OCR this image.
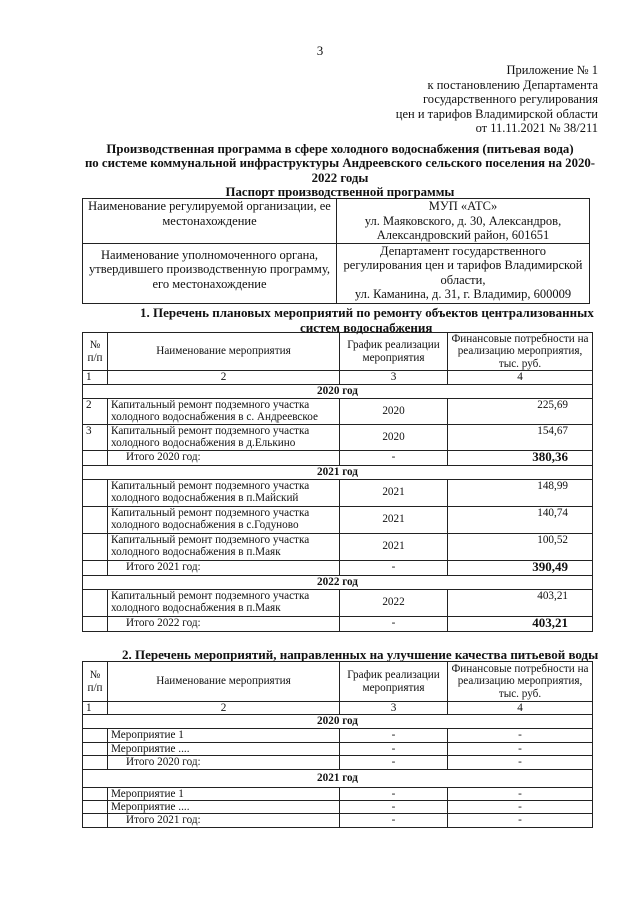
3
Приложение № 1
к постановлению Департамента
государственного регулирования
цен и тарифов Владимирской области
от 11.11.2021 № 38/211
Производственная программа в сфере холодного водоснабжения (питьевая вода)
по системе коммунальной инфраструктуры Андреевского сельского поселения на 2020-
2022 годы
Паспорт производственной программы
Наименование регулируемой организации, ее местонахождение	МУП «АТС»
ул. Маяковского, д. 30, Александров,
Александровский район, 601651

Наименование уполномоченного органа, утвердившего производственную программу, его местонахождение	Департамент государственного
регулирования цен и тарифов Владимирской
области,
ул. Каманина, д. 31, г. Владимир, 600009
1. Перечень плановых мероприятий по ремонту объектов централизованных
систем водоснабжения
№ п/п	Наименование мероприятия	График реализации мероприятия	Финансовые потребности на реализацию мероприятия, тыс. руб.
1	2	3	4
2020 год			
2	Капитальный ремонт подземного участка холодного водоснабжения в с. Андреевское	2020	225,69
3	Капитальный ремонт подземного участка холодного водоснабжения в д.Елькино	2020	154,67
	Итого 2020 год:	-	380,36
2021 год			
	Капитальный ремонт подземного участка холодного водоснабжения в п.Майский	2021	148,99
	Капитальный ремонт подземного участка холодного водоснабжения в с.Годуново	2021	140,74
	Капитальный ремонт подземного участка холодного водоснабжения в п.Маяк	2021	100,52
	Итого 2021 год:	-	390,49
2022 год			
	Капитальный ремонт подземного участка холодного водоснабжения в п.Маяк	2022	403,21
	Итого 2022 год:	-	403,21
2. Перечень мероприятий, направленных на улучшение качества питьевой воды
№ п/п	Наименование мероприятия	График реализации мероприятия	Финансовые потребности на реализацию мероприятия, тыс. руб.
1	2	3	4
2020 год			
	Мероприятие 1	-	-
	Мероприятие ....	-	-
	Итого 2020 год:	-	-
2021 год			
	Мероприятие 1	-	-
	Мероприятие ....	-	-
	Итого 2021 год:	-	-
